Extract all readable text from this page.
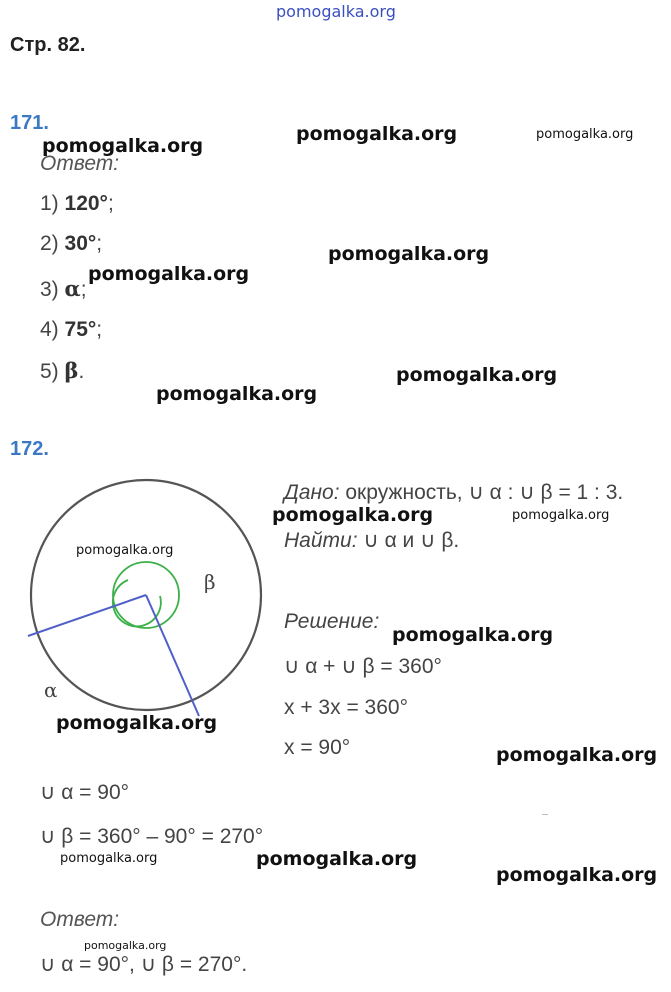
pomogalka.org
Стр. 82.
171.
Ответ:
1) 120°;
2) 30°;
3) α;
4) 75°;
5) β.
172.
α
β
Дано: окружность, ∪ α : ∪ β = 1 : 3.
Найти: ∪ α и ∪ β.
Решение:
∪ α + ∪ β = 360°
x + 3x = 360°
x = 90°
∪ α = 90°
∪ β = 360° – 90° = 270°
Ответ:
∪ α = 90°, ∪ β = 270°.
pomogalka.org	pomogalka.org
pomogalka.org
pomogalka.org
pomogalka.org
pomogalka.org
pomogalka.org
pomogalka.org	pomogalka.org
pomogalka.org
pomogalka.org
pomogalka.org
pomogalka.org
pomogalka.org	pomogalka.org
pomogalka.org
pomogalka.org
